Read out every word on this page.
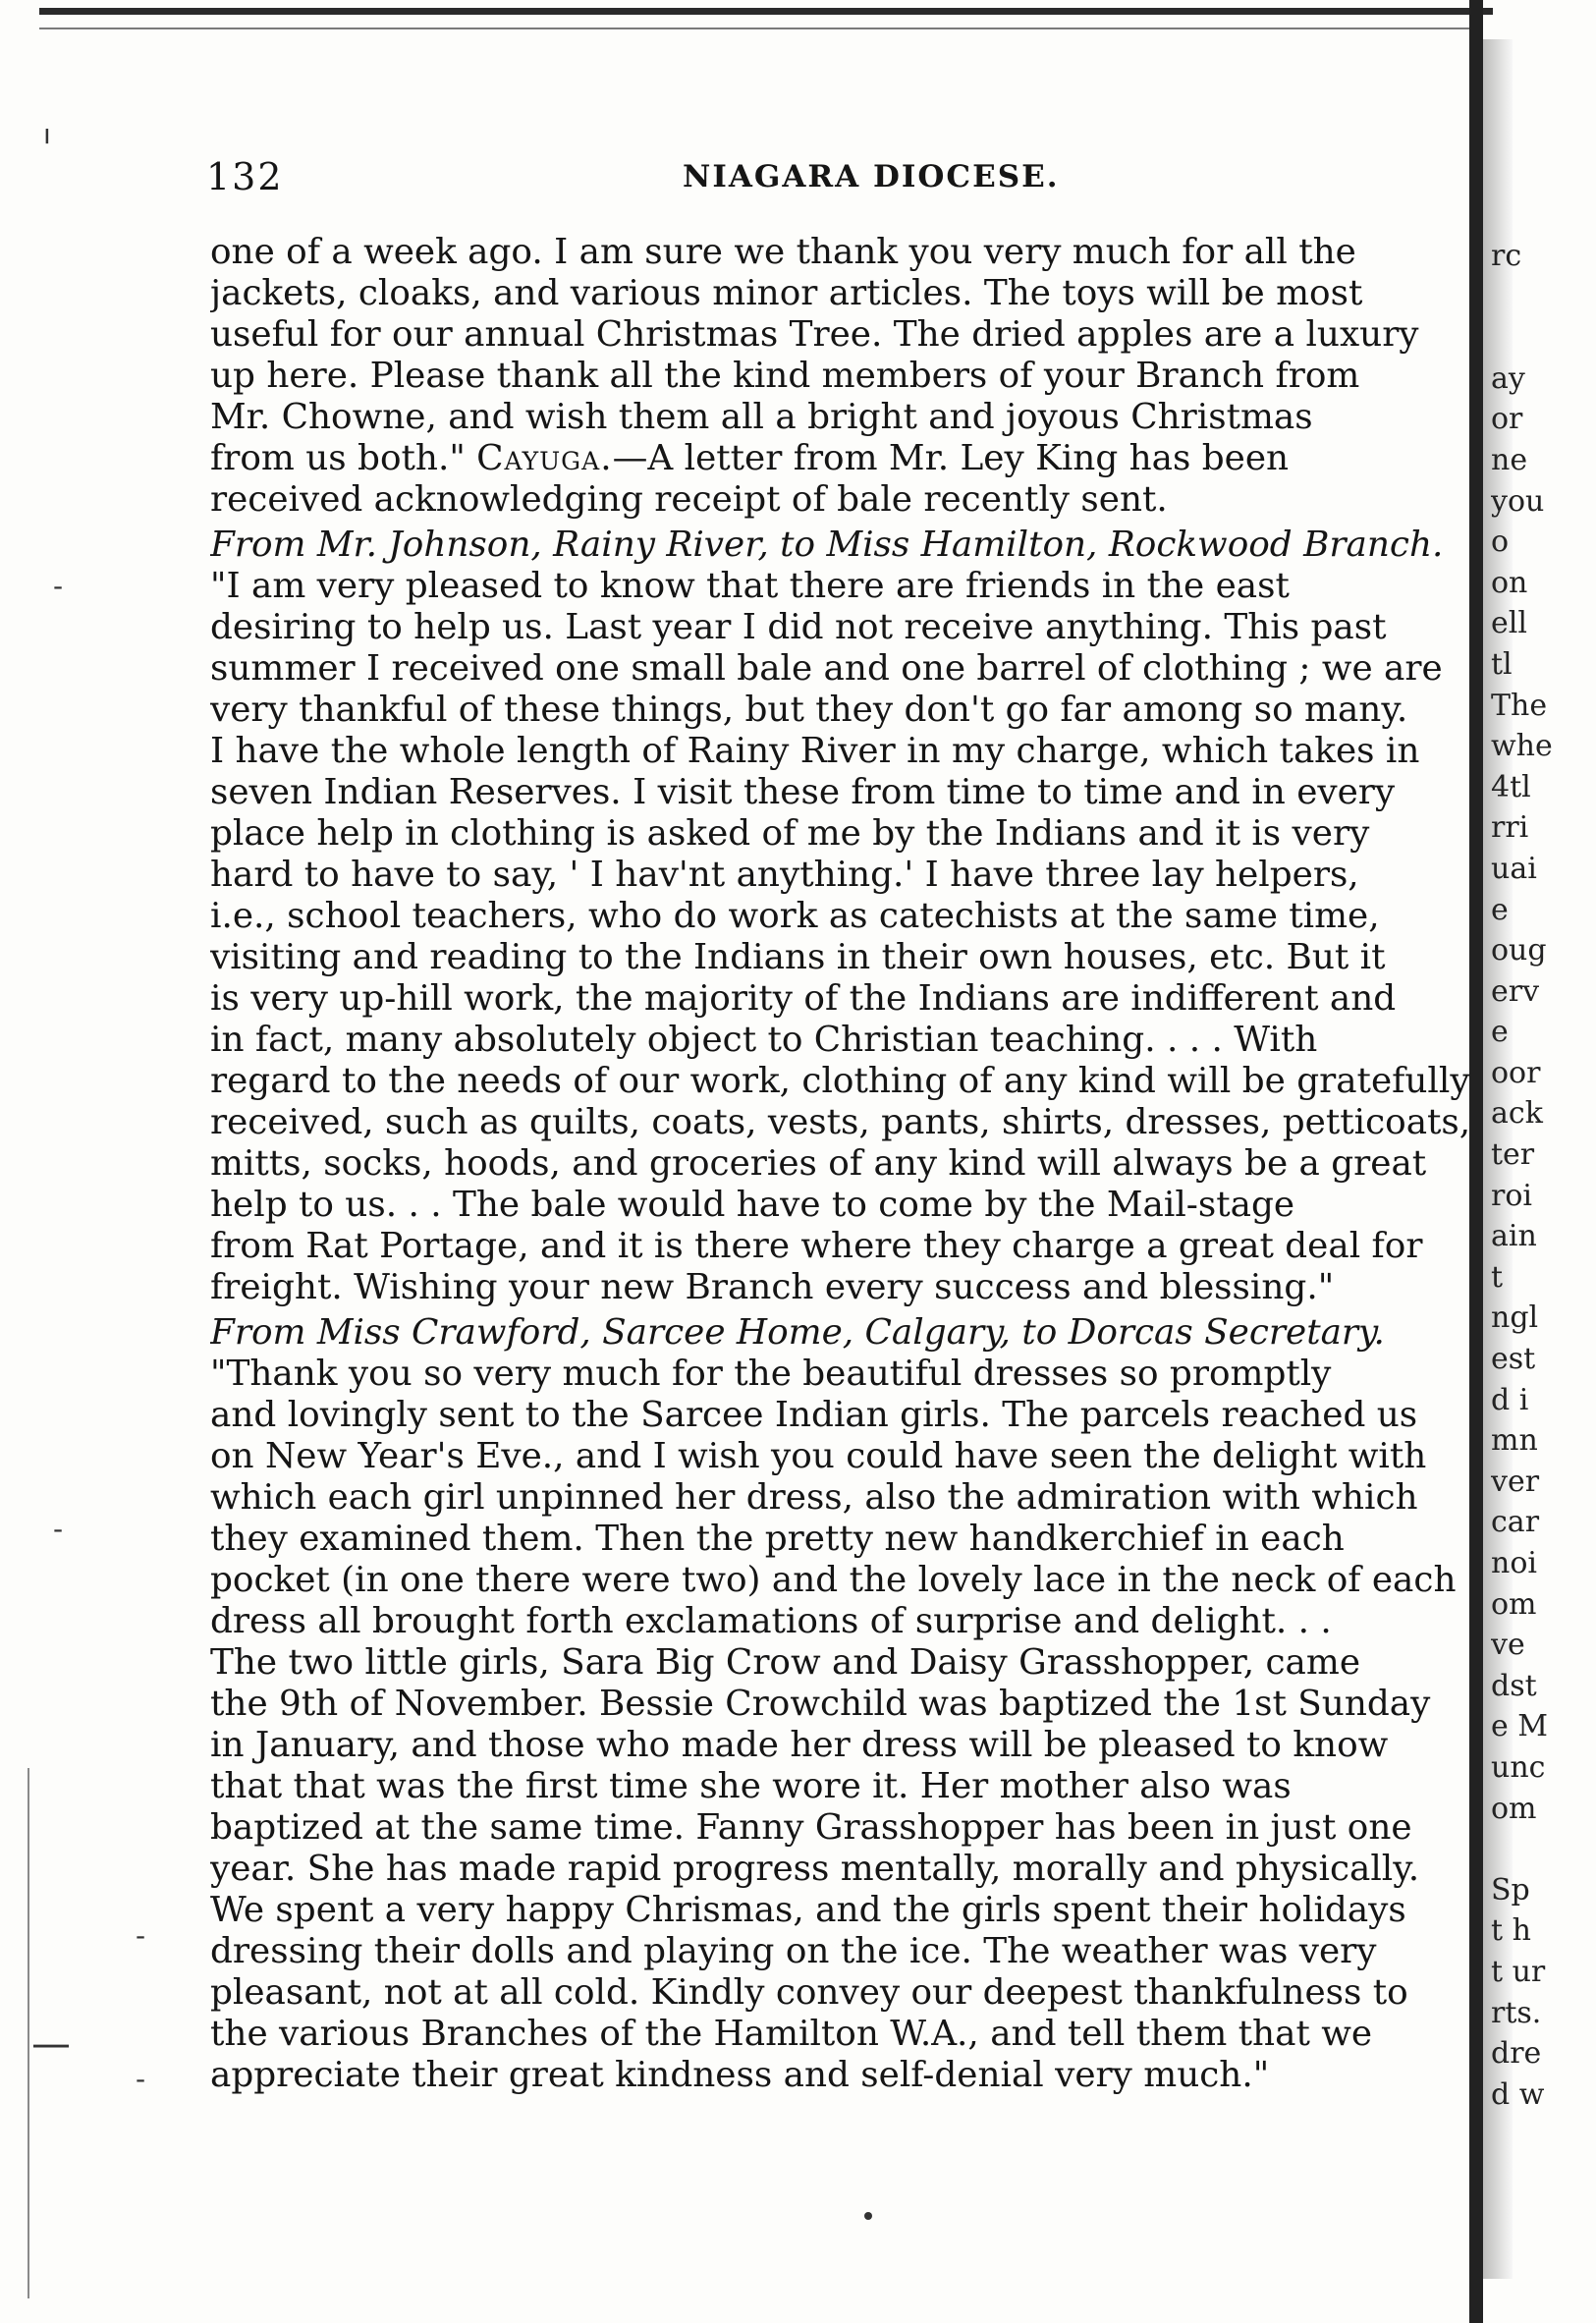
ı
-
-
-
-
—
132	NIAGARA DIOCESE.
one of a week ago. I am sure we thank you very much for all the
jackets, cloaks, and various minor articles. The toys will be most
useful for our annual Christmas Tree. The dried apples are a luxury
up here. Please thank all the kind members of your Branch from
Mr. Chowne, and wish them all a bright and joyous Christmas
from us both." Cayuga.—A letter from Mr. Ley King has been
received acknowledging receipt of bale recently sent.
From Mr. Johnson, Rainy River, to Miss Hamilton, Rockwood Branch.
"I am very pleased to know that there are friends in the east
desiring to help us. Last year I did not receive anything. This past
summer I received one small bale and one barrel of clothing ; we are
very thankful of these things, but they don't go far among so many.
I have the whole length of Rainy River in my charge, which takes in
seven Indian Reserves. I visit these from time to time and in every
place help in clothing is asked of me by the Indians and it is very
hard to have to say, ' I hav'nt anything.' I have three lay helpers,
i.e., school teachers, who do work as catechists at the same time,
visiting and reading to the Indians in their own houses, etc. But it
is very up-hill work, the majority of the Indians are indifferent and
in fact, many absolutely object to Christian teaching. . . . With
regard to the needs of our work, clothing of any kind will be gratefully
received, such as quilts, coats, vests, pants, shirts, dresses, petticoats,
mitts, socks, hoods, and groceries of any kind will always be a great
help to us. . . The bale would have to come by the Mail-stage
from Rat Portage, and it is there where they charge a great deal for
freight. Wishing your new Branch every success and blessing."
From Miss Crawford, Sarcee Home, Calgary, to Dorcas Secretary.
"Thank you so very much for the beautiful dresses so promptly
and lovingly sent to the Sarcee Indian girls. The parcels reached us
on New Year's Eve., and I wish you could have seen the delight with
which each girl unpinned her dress, also the admiration with which
they examined them. Then the pretty new handkerchief in each
pocket (in one there were two) and the lovely lace in the neck of each
dress all brought forth exclamations of surprise and delight. . .
The two little girls, Sara Big Crow and Daisy Grasshopper, came
the 9th of November. Bessie Crowchild was baptized the 1st Sunday
in January, and those who made her dress will be pleased to know
that that was the first time she wore it. Her mother also was
baptized at the same time. Fanny Grasshopper has been in just one
year. She has made rapid progress mentally, morally and physically.
We spent a very happy Chrismas, and the girls spent their holidays
dressing their dolls and playing on the ice. The weather was very
pleasant, not at all cold. Kindly convey our deepest thankfulness to
the various Branches of the Hamilton W.A., and tell them that we
appreciate their great kindness and self-denial very much."
rc
ay
or
ne
you
o
on
ell
tl
The
whe
4tl
rri
uai
e
oug
erv
e
oor
ack
ter
roi
ain
t
ngl
est
d i
mn
ver
car
noi
om
ve
dst
e M
unc
om
Sp
t h
t ur
rts.
dre
d w
